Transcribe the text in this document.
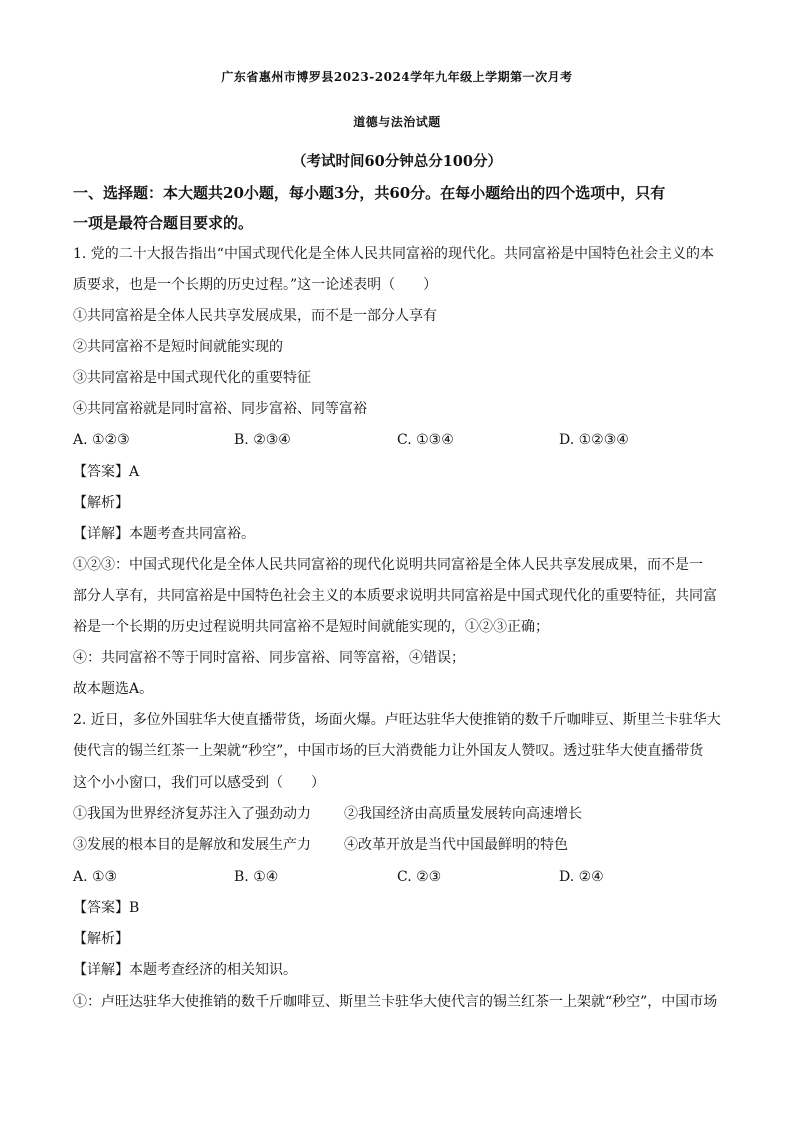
广东省惠州市博罗县2023-2024学年九年级上学期第一次月考
道德与法治试题
（考试时间60分钟总分100分）
一、选择题：本大题共20小题，每小题3分，共60分。在每小题给出的四个选项中，只有
一项是最符合题目要求的。
1. 党的二十大报告指出“中国式现代化是全体人民共同富裕的现代化。共同富裕是中国特色社会主义的本
质要求，也是一个长期的历史过程。”这一论述表明（　　）
①共同富裕是全体人民共享发展成果，而不是一部分人享有
②共同富裕不是短时间就能实现的
③共同富裕是中国式现代化的重要特征
④共同富裕就是同时富裕、同步富裕、同等富裕
A. ①②③	B. ②③④	C. ①③④	D. ①②③④
【答案】A
【解析】
【详解】本题考查共同富裕。
①②③：中国式现代化是全体人民共同富裕的现代化说明共同富裕是全体人民共享发展成果，而不是一
部分人享有，共同富裕是中国特色社会主义的本质要求说明共同富裕是中国式现代化的重要特征，共同富
裕是一个长期的历史过程说明共同富裕不是短时间就能实现的，①②③正确；
④：共同富裕不等于同时富裕、同步富裕、同等富裕，④错误；
故本题选A。
2. 近日，多位外国驻华大使直播带货，场面火爆。卢旺达驻华大使推销的数千斤咖啡豆、斯里兰卡驻华大
使代言的锡兰红茶一上架就“秒空”，中国市场的巨大消费能力让外国友人赞叹。透过驻华大使直播带货
这个小小窗口，我们可以感受到（　　）
①我国为世界经济复苏注入了强劲动力 ②我国经济由高质量发展转向高速增长
③发展的根本目的是解放和发展生产力 ④改革开放是当代中国最鲜明的特色
A. ①③	B. ①④	C. ②③	D. ②④
【答案】B
【解析】
【详解】本题考查经济的相关知识。
①：卢旺达驻华大使推销的数千斤咖啡豆、斯里兰卡驻华大使代言的锡兰红茶一上架就“秒空”，中国市场
